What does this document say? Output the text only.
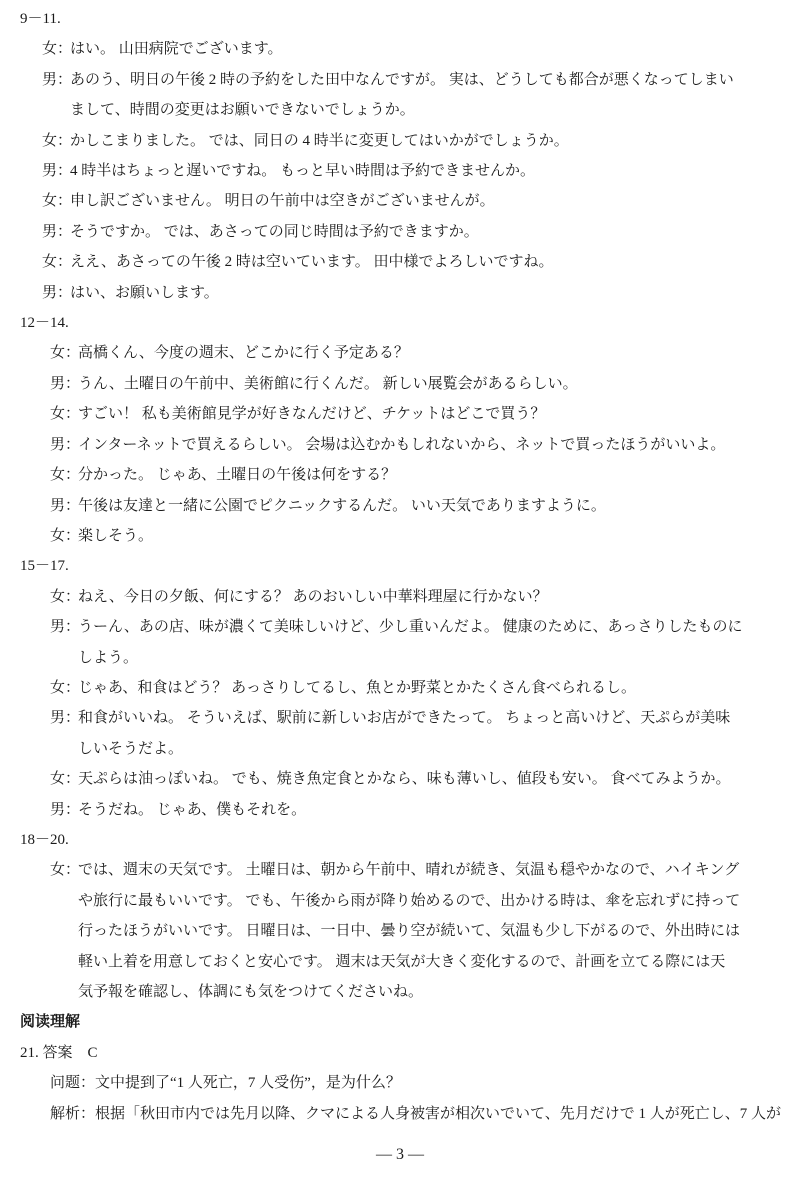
9－11.
女：はい。 山田病院でございます。
男：あのう、明日の午後 2 時の予約をした田中なんですが。 実は、どうしても都合が悪くなってしまい
まして、時間の変更はお願いできないでしょうか。
女：かしこまりました。 では、同日の 4 時半に変更してはいかがでしょうか。
男：4 時半はちょっと遅いですね。 もっと早い時間は予約できませんか。
女：申し訳ございません。 明日の午前中は空きがございませんが。
男：そうですか。 では、あさっての同じ時間は予約できますか。
女：ええ、あさっての午後 2 時は空いています。 田中様でよろしいですね。
男：はい、お願いします。
12－14.
女：高橋くん、今度の週末、どこかに行く予定ある？
男：うん、土曜日の午前中、美術館に行くんだ。 新しい展覧会があるらしい。
女：すごい！ 私も美術館見学が好きなんだけど、チケットはどこで買う？
男：インターネットで買えるらしい。 会場は込むかもしれないから、ネットで買ったほうがいいよ。
女：分かった。 じゃあ、土曜日の午後は何をする？
男：午後は友達と一緒に公園でピクニックするんだ。 いい天気でありますように。
女：楽しそう。
15－17.
女：ねえ、今日の夕飯、何にする？ あのおいしい中華料理屋に行かない？
男：うーん、あの店、味が濃くて美味しいけど、少し重いんだよ。 健康のために、あっさりしたものに
しよう。
女：じゃあ、和食はどう？ あっさりしてるし、魚とか野菜とかたくさん食べられるし。
男：和食がいいね。 そういえば、駅前に新しいお店ができたって。 ちょっと高いけど、天ぷらが美味
しいそうだよ。
女：天ぷらは油っぽいね。 でも、焼き魚定食とかなら、味も薄いし、値段も安い。 食べてみようか。
男：そうだね。 じゃあ、僕もそれを。
18－20.
女：では、週末の天気です。 土曜日は、朝から午前中、晴れが続き、気温も穏やかなので、ハイキング
や旅行に最もいいです。 でも、午後から雨が降り始めるので、出かける時は、傘を忘れずに持って
行ったほうがいいです。 日曜日は、一日中、曇り空が続いて、気温も少し下がるので、外出時には
軽い上着を用意しておくと安心です。 週末は天気が大きく変化するので、計画を立てる際には天
気予報を確認し、体調にも気をつけてくださいね。
阅读理解
21. 答案　C
问题：文中提到了“1 人死亡，7 人受伤”，是为什么？
解析：根据「秋田市内では先月以降、クマによる人身被害が相次いでいて、先月だけで 1 人が死亡し、7 人が
— 3 —
